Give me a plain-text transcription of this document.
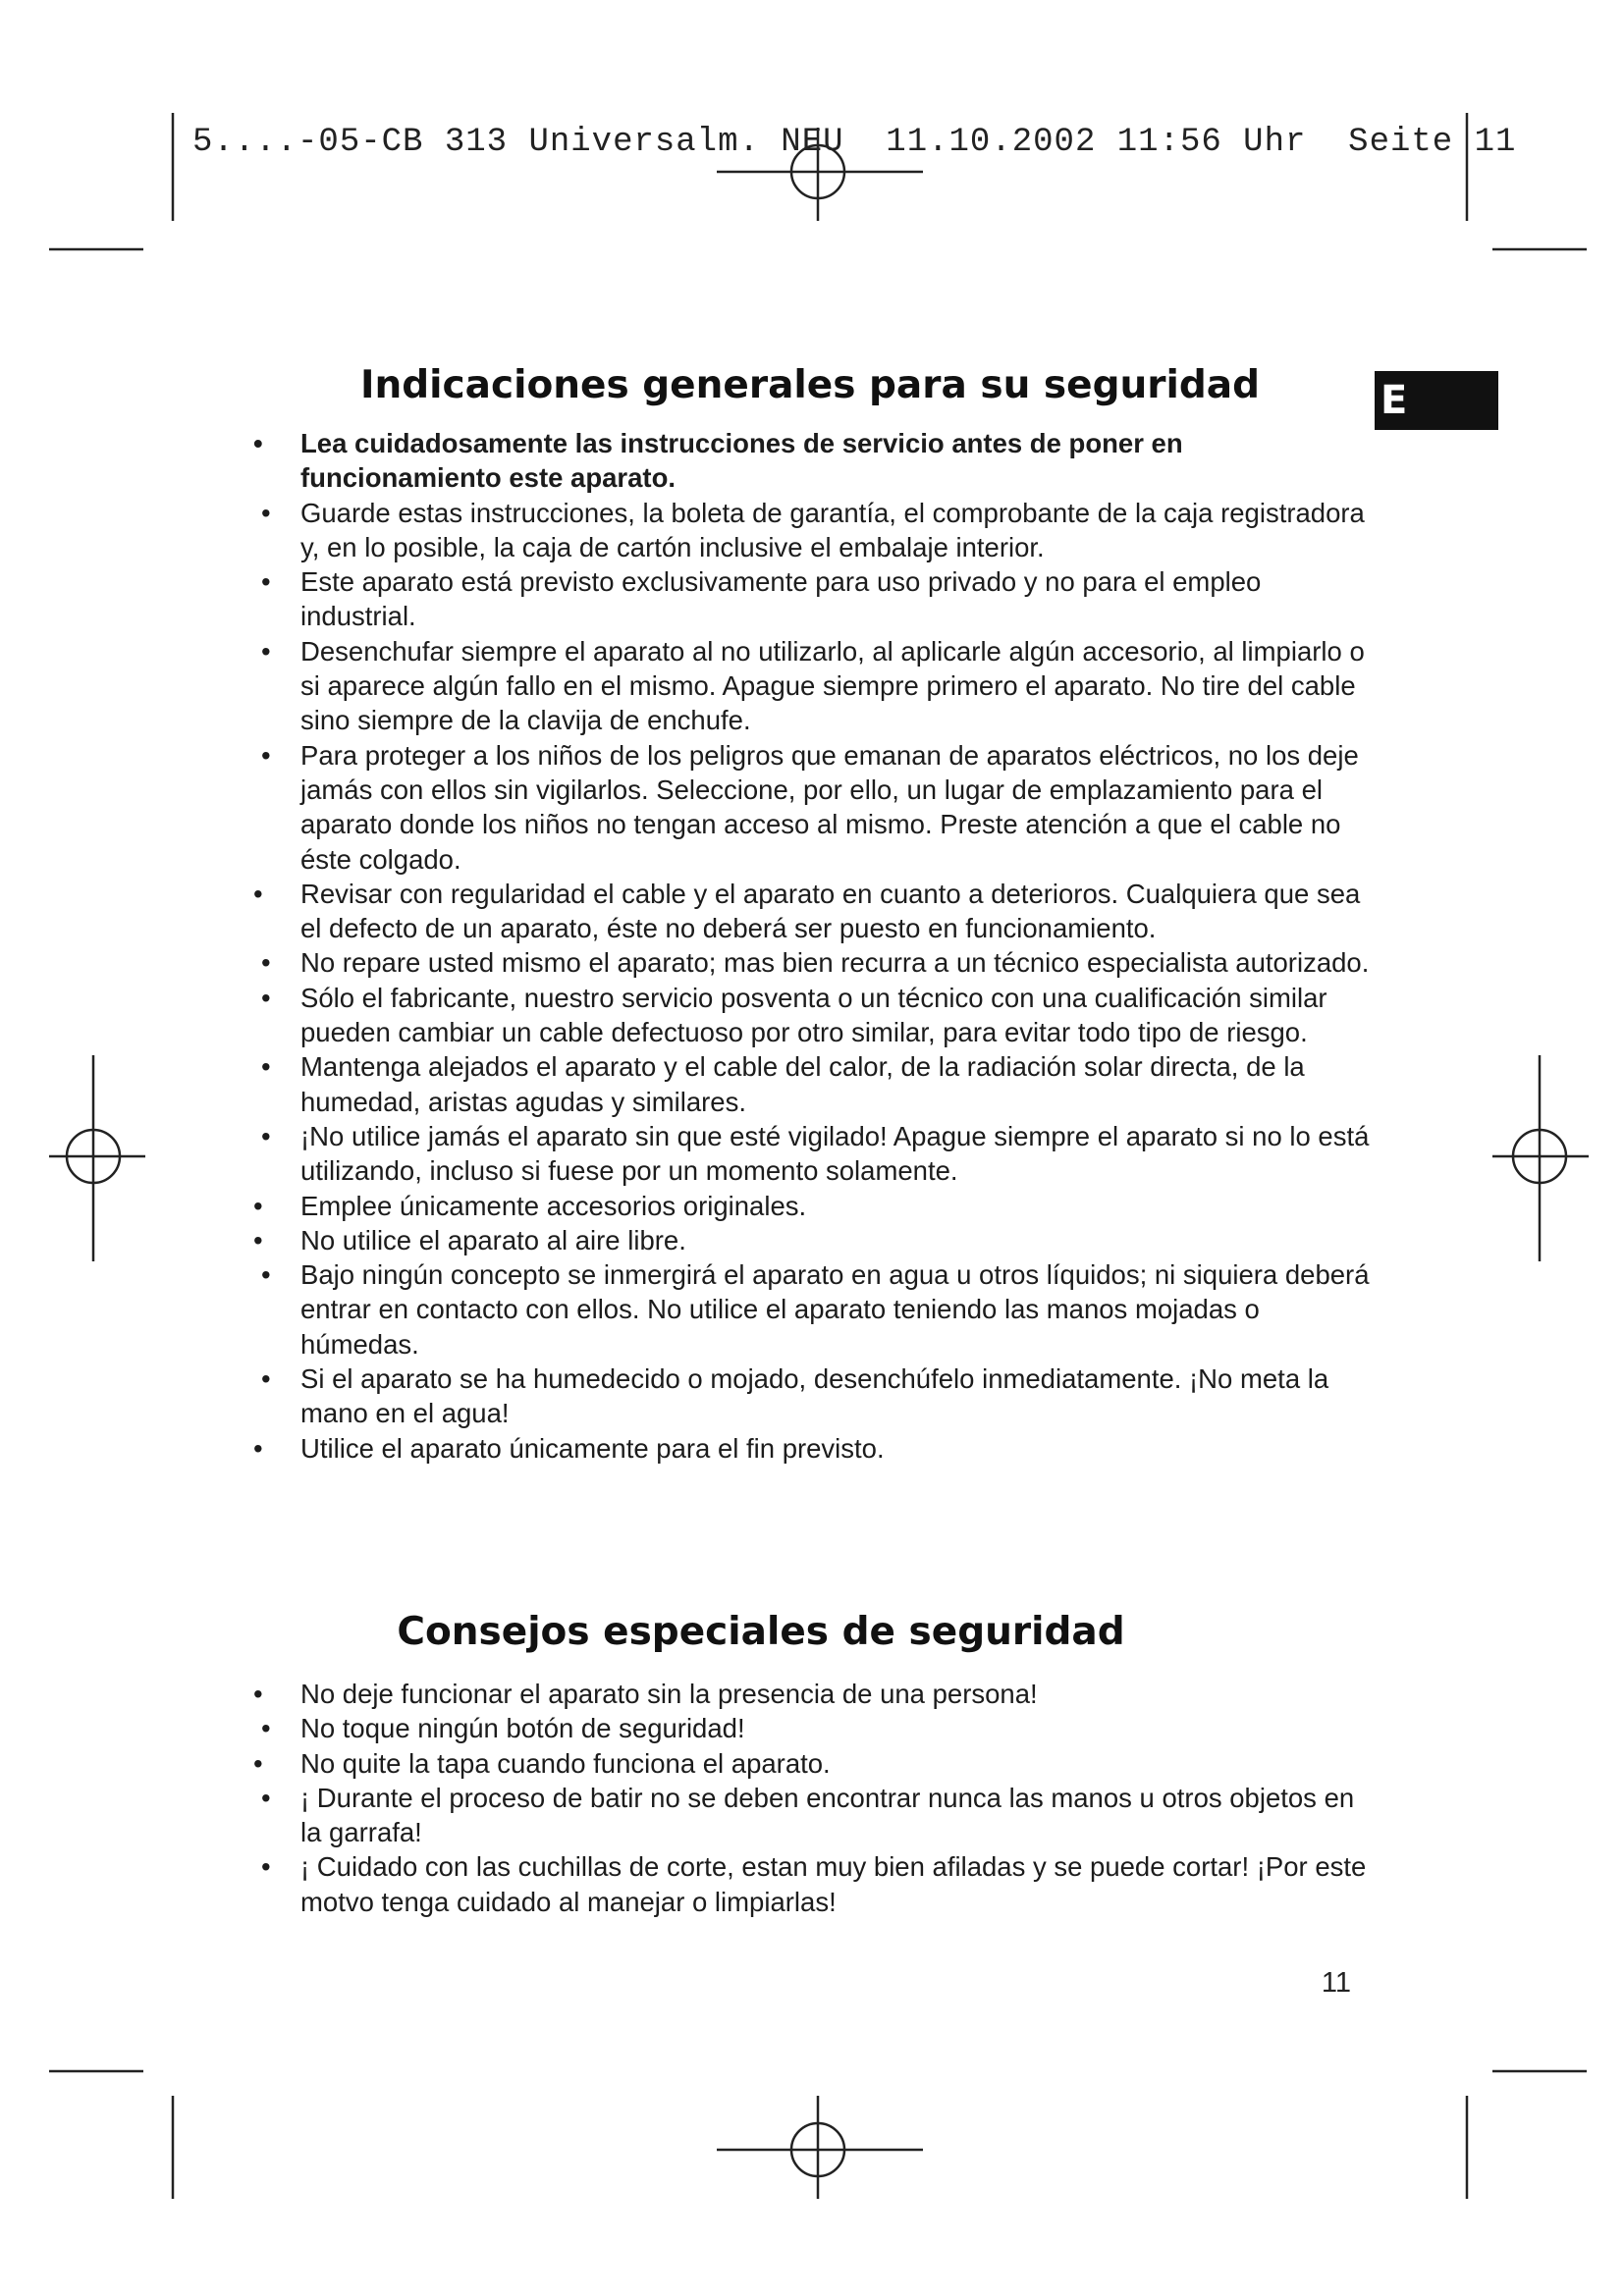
5....-05-CB 313 Universalm. NEU  11.10.2002 11:56 Uhr  Seite 11
E
Indicaciones generales para su seguridad
• Lea cuidadosamente las instrucciones de servicio antes de poner en funcionamiento este aparato.
• Guarde estas instrucciones, la boleta de garantía, el comprobante de la caja registradora y, en lo posible, la caja de cartón inclusive el embalaje interior.
• Este aparato está previsto exclusivamente para uso privado y no para el empleo industrial.
• Desenchufar siempre el aparato al no utilizarlo, al aplicarle algún accesorio, al limpiarlo o si aparece algún fallo en el mismo. Apague siempre primero el aparato. No tire del cable sino siempre de la clavija de enchufe.
• Para proteger a los niños de los peligros que emanan de aparatos eléctricos, no los deje jamás con ellos sin vigilarlos. Seleccione, por ello, un lugar de emplazamiento para el aparato donde los niños no tengan acceso al mismo. Preste atención a que el cable no éste colgado.
• Revisar con regularidad el cable y el aparato en cuanto a deterioros. Cualquiera que sea el defecto de un aparato, éste no deberá ser puesto en funcionamiento.
• No repare usted mismo el aparato; mas bien recurra a un técnico especialista autorizado.
• Sólo el fabricante, nuestro servicio posventa o un técnico con una cualificación similar pueden cambiar un cable defectuoso por otro similar, para evitar todo tipo de riesgo.
• Mantenga alejados el aparato y el cable del calor, de la radiación solar directa, de la humedad, aristas agudas y similares.
• ¡No utilice jamás el aparato sin que esté vigilado! Apague siempre el aparato si no lo está utilizando, incluso si fuese por un momento solamente.
• Emplee únicamente accesorios originales.
• No utilice el aparato al aire libre.
• Bajo ningún concepto se inmergirá el aparato en agua u otros líquidos; ni siquiera deberá entrar en contacto con ellos. No utilice el aparato teniendo las manos mojadas o húmedas.
• Si el aparato se ha humedecido o mojado, desenchúfelo inmediatamente. ¡No meta la mano en el agua!
• Utilice el aparato únicamente para el fin previsto.
Consejos especiales de seguridad
• No deje funcionar el aparato sin la presencia de una persona!
• No toque ningún botón de seguridad!
• No quite la tapa cuando funciona el aparato.
• ¡ Durante el proceso de batir no se deben encontrar nunca las manos u otros objetos en la garrafa!
• ¡ Cuidado con las cuchillas de corte, estan muy bien afiladas y se puede cortar! ¡Por este motvo tenga cuidado al manejar o limpiarlas!
11
